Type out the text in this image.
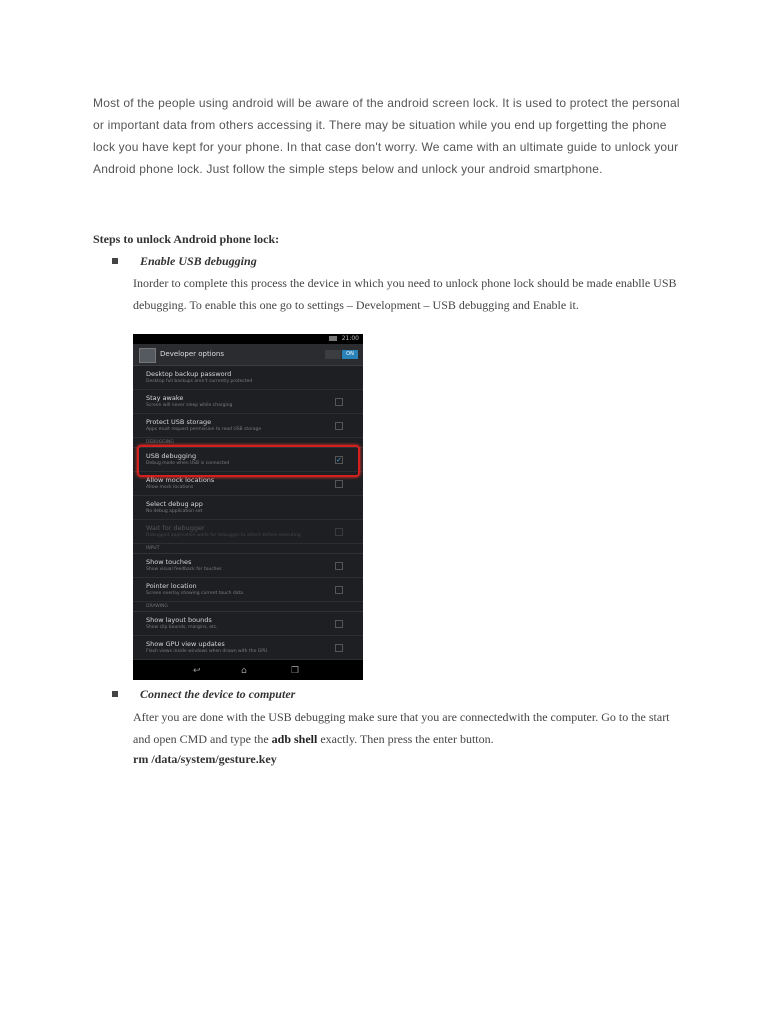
Most of the people using android will be aware of the android screen lock. It is used to protect the personal or important data from others accessing it. There may be situation while you end up forgetting the phone lock you have kept for your phone. In that case don't worry. We came with an ultimate guide to unlock your Android phone lock. Just follow the simple steps below and unlock your android smartphone.

Steps to unlock Android phone lock:
Enable USB debugging

Inorder to complete this process the device in which you need to unlock phone lock should be made enablle USB debugging. To enable this one go to settings – Development – USB debugging and Enable it.

21:00
Developer options	ON
Desktop backup password
Desktop full backups aren't currently protected
Stay awake
Screen will never sleep while charging
Protect USB storage
Apps must request permission to read USB storage
DEBUGGING
USB debugging
Debug mode when USB is connected	✓
Allow mock locations
Allow mock locations
Select debug app
No debug application set
Wait for debugger
Debugged application waits for debugger to attach before executing
INPUT
Show touches
Show visual feedback for touches
Pointer location
Screen overlay showing current touch data
DRAWING
Show layout bounds
Show clip bounds, margins, etc.
Show GPU view updates
Flash views inside windows when drawn with the GPU
↩	⌂	❐
Connect the device to computer

After you are done with the USB debugging make sure that you are connectedwith the computer. Go to the start and open CMD and type the adb shell exactly. Then press the enter button.

rm /data/system/gesture.key
